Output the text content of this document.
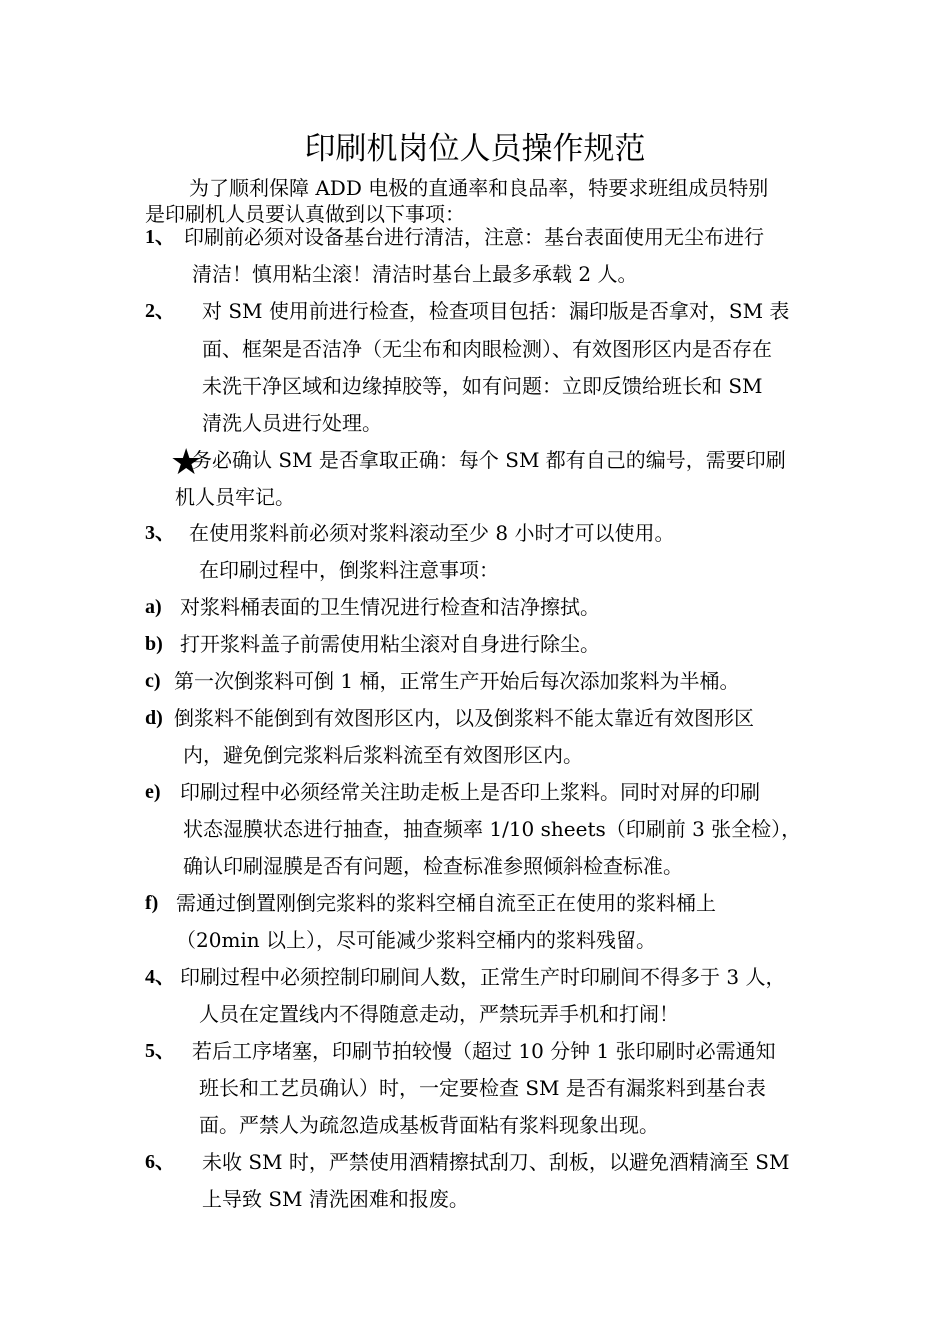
印刷机岗位人员操作规范
为了顺利保障 ADD 电极的直通率和良品率，特要求班组成员特别
是印刷机人员要认真做到以下事项：
1、 印刷前必须对设备基台进行清洁，注意：基台表面使用无尘布进行
清洁！慎用粘尘滚！清洁时基台上最多承载 2 人。
2、 对 SM 使用前进行检查，检查项目包括：漏印版是否拿对，SM 表
面、框架是否洁净（无尘布和肉眼检测）、有效图形区内是否存在
未洗干净区域和边缘掉胶等，如有问题：立即反馈给班长和 SM
清洗人员进行处理。
★
务必确认 SM 是否拿取正确：每个 SM 都有自己的编号，需要印刷
机人员牢记。
3、 在使用浆料前必须对浆料滚动至少 8 小时才可以使用。
在印刷过程中，倒浆料注意事项：
a) 对浆料桶表面的卫生情况进行检查和洁净擦拭。
b) 打开浆料盖子前需使用粘尘滚对自身进行除尘。
c) 第一次倒浆料可倒 1 桶，正常生产开始后每次添加浆料为半桶。
d) 倒浆料不能倒到有效图形区内，以及倒浆料不能太靠近有效图形区
内，避免倒完浆料后浆料流至有效图形区内。
e) 印刷过程中必须经常关注助走板上是否印上浆料。同时对屏的印刷
状态湿膜状态进行抽查，抽查频率 1/10 sheets（印刷前 3 张全检），
确认印刷湿膜是否有问题，检查标准参照倾斜检查标准。
f) 需通过倒置刚倒完浆料的浆料空桶自流至正在使用的浆料桶上
（20min 以上），尽可能减少浆料空桶内的浆料残留。
4、 印刷过程中必须控制印刷间人数，正常生产时印刷间不得多于 3 人，
人员在定置线内不得随意走动，严禁玩弄手机和打闹！
5、 若后工序堵塞，印刷节拍较慢（超过 10 分钟 1 张印刷时必需通知
班长和工艺员确认）时，一定要检查 SM 是否有漏浆料到基台表
面。严禁人为疏忽造成基板背面粘有浆料现象出现。
6、 未收 SM 时，严禁使用酒精擦拭刮刀、刮板，以避免酒精滴至 SM
上导致 SM 清洗困难和报废。
